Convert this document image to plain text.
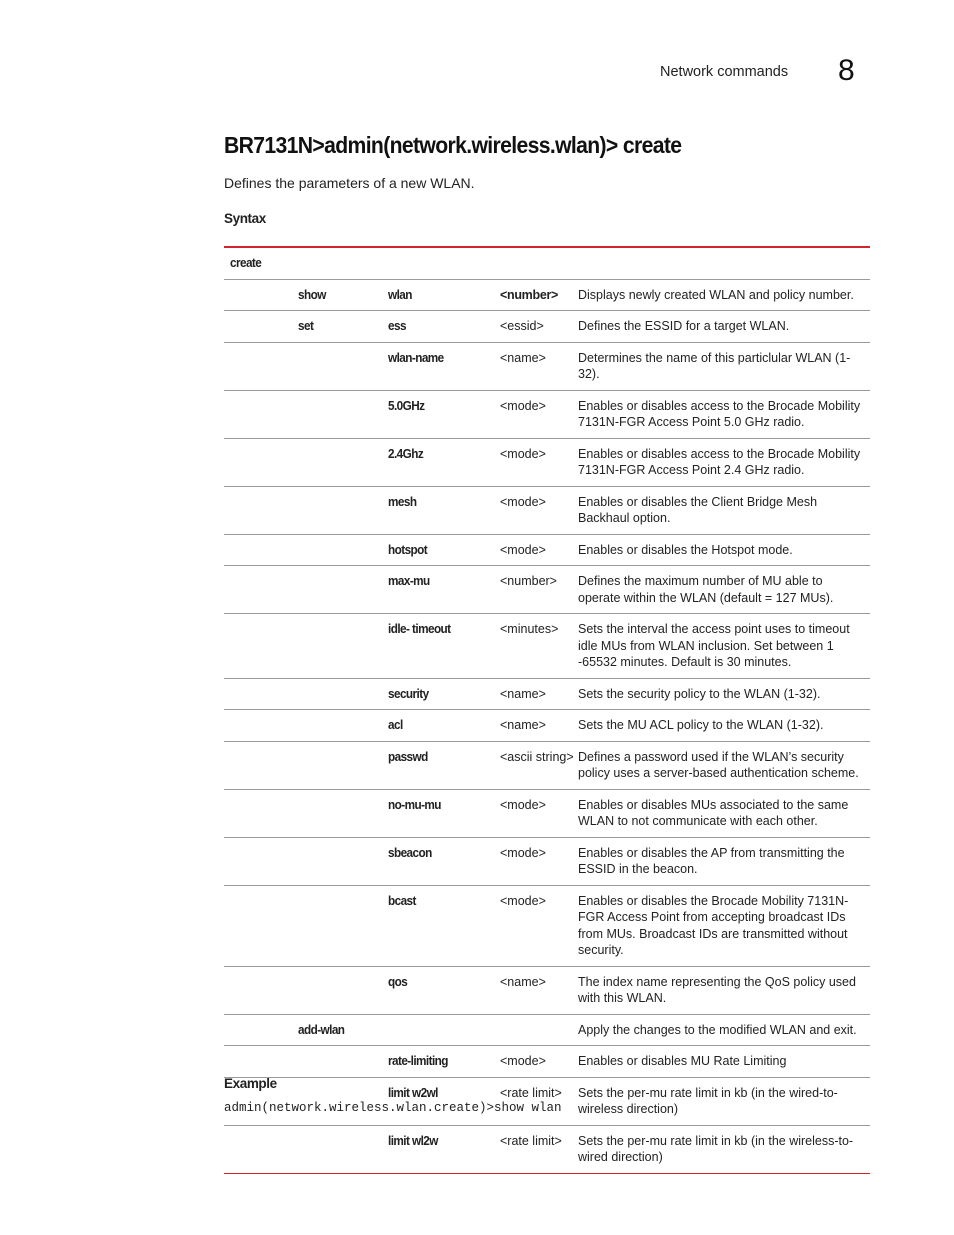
Network commands 8
BR7131N>admin(network.wireless.wlan)> create
Defines the parameters of a new WLAN.
Syntax
create				
	show	wlan	<number>	Displays newly created WLAN and policy number.
	set	ess	<essid>	Defines the ESSID for a target WLAN.
		wlan-name	<name>	Determines the name of this particlular WLAN (1-32).
		5.0GHz	<mode>	Enables or disables access to the Brocade Mobility 7131N-FGR Access Point 5.0 GHz radio.
		2.4Ghz	<mode>	Enables or disables access to the Brocade Mobility 7131N-FGR Access Point 2.4 GHz radio.
		mesh	<mode>	Enables or disables the Client Bridge Mesh Backhaul option.
		hotspot	<mode>	Enables or disables the Hotspot mode.
		max-mu	<number>	Defines the maximum number of MU able to operate within the WLAN (default = 127 MUs).
		idle- timeout	<minutes>	Sets the interval the access point uses to timeout idle MUs from WLAN inclusion. Set between 1 -65532 minutes. Default is 30 minutes.
		security	<name>	Sets the security policy to the WLAN (1-32).
		acl	<name>	Sets the MU ACL policy to the WLAN (1-32).
		passwd	<ascii string>	Defines a password used if the WLAN’s security policy uses a server-based authentication scheme.
		no-mu-mu	<mode>	Enables or disables MUs associated to the same WLAN to not communicate with each other.
		sbeacon	<mode>	Enables or disables the AP from transmitting the ESSID in the beacon.
		bcast	<mode>	Enables or disables the Brocade Mobility 7131N-FGR Access Point from accepting broadcast IDs from MUs. Broadcast IDs are transmitted without security.
		qos	<name>	The index name representing the QoS policy used with this WLAN.
	add-wlan			Apply the changes to the modified WLAN and exit.
		rate-limiting	<mode>	Enables or disables MU Rate Limiting
		limit w2wl	<rate limit>	Sets the per-mu rate limit in kb (in the wired-to-wireless direction)
		limit wl2w	<rate limit>	Sets the per-mu rate limit in kb (in the wireless-to-wired direction)
Example
admin(network.wireless.wlan.create)>show wlan
